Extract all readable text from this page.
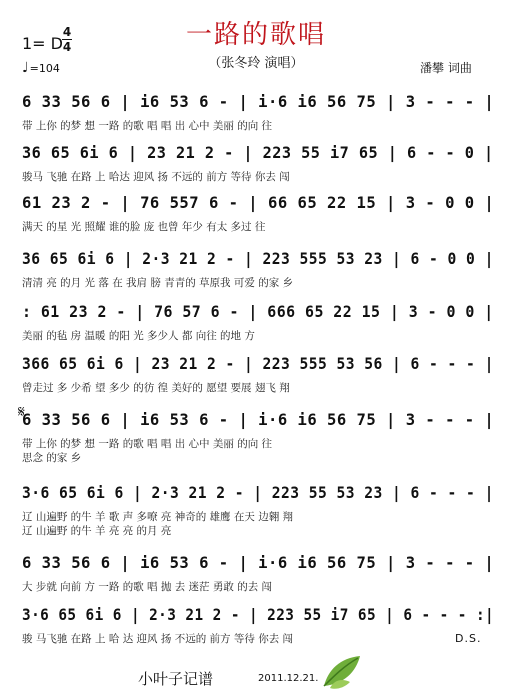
一路的歌唱
（张冬玲 演唱）
1= D
4
4
♩=104	潘攀 词曲
6 33 56 6 | i6 53 6 - | i·6 i6 56 75 | 3 - - - |
带 上你 的梦 想 一路 的歌 唱 唱 出 心中 美丽 的向 往
36 65 6i 6 | 23 21 2 - | 223 55 i7 65 | 6 - - 0 |
骏马 飞驰 在路 上 哈达 迎风 扬 不远的 前方 等待 你去 闯
61 23 2 - | 76 557 6 - | 66 65 22 15 | 3 - 0 0 |
满天 的星 光 照耀 谁的脸 庞 也曾 年少 有太 多过 往
36 65 6i 6 | 2·3 21 2 - | 223 555 53 23 | 6 - 0 0 |
清清 亮 的月 光 落 在 我肩 膀 青青的 草原我 可爱 的家 乡
: 61 23 2 - | 76 57 6 - | 666 65 22 15 | 3 - 0 0 |
美丽 的毡 房 温暖 的阳 光 多少人 都 向往 的地 方
366 65 6i 6 | 23 21 2 - | 223 555 53 56 | 6 - - - |
曾走过 多 少希 望 多少 的彷 徨 美好的 愿望 要展 翅飞 翔
6 33 56 6 | i6 53 6 - | i·6 i6 56 75 | 3 - - - |
带 上你 的梦 想 一路 的歌 唱 唱 出 心中 美丽 的向 往
思念 的家 乡
3·6 65 6i 6 | 2·3 21 2 - | 223 55 53 23 | 6 - - - |
辽 山遍野 的牛 羊 歌 声 多嘹 亮 神奇的 雄鹰 在天 边翱 翔
辽 山遍野 的牛 羊 亮 亮 的月 亮
6 33 56 6 | i6 53 6 - | i·6 i6 56 75 | 3 - - - |
大 步就 向前 方 一路 的歌 唱 抛 去 迷茫 勇敢 的去 闯
3·6 65 6i 6 | 2·3 21 2 - | 223 55 i7 65 | 6 - - - :|
骏 马飞驰 在路 上 哈 达 迎风 扬 不远的 前方 等待 你去 闯
𝄋
D.S.
小叶子记谱	2011.12.21.
